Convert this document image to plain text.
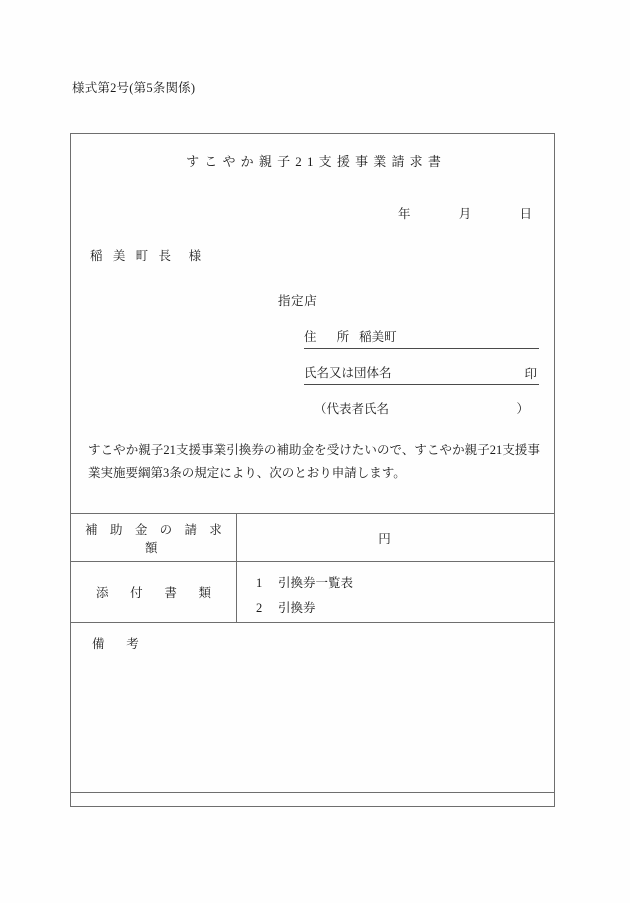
様式第2号(第5条関係)
すこやか親子21支援事業請求書
年	月	日
稲 美 町 長 様
指定店
住　所 稲美町
氏名又は団体名	印
（代表者氏名	）
すこやか親子21支援事業引換券の補助金を受けたいので、すこやか親子21支援事業実施要綱第3条の規定により、次のとおり申請します。
補 助 金 の 請 求 額	円
添　付　書　類	1 引換券一覧表
2 引換券

備　考	
